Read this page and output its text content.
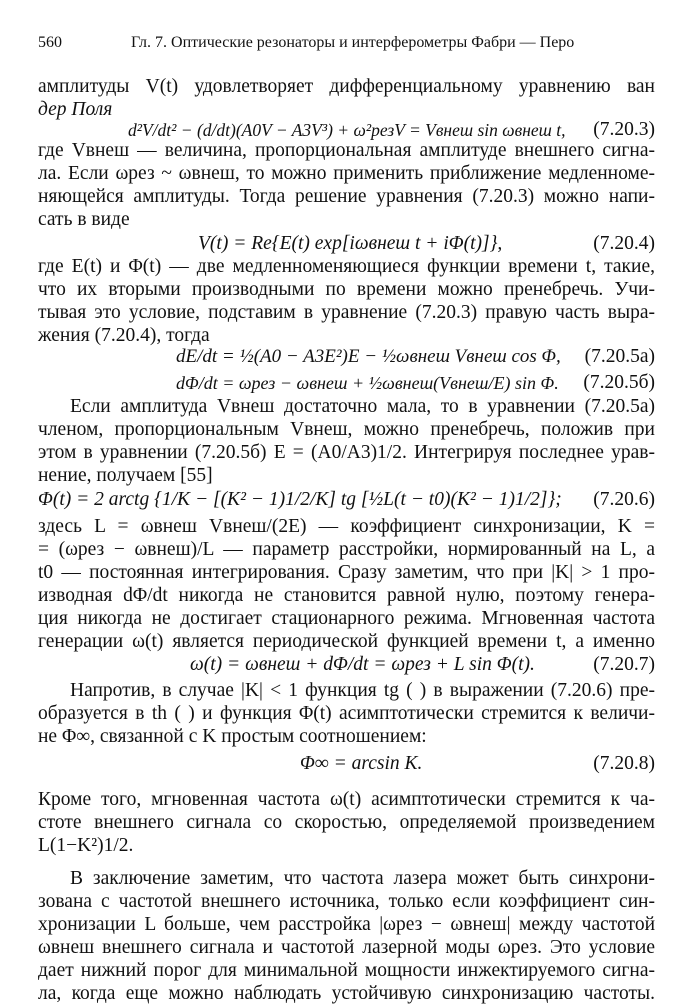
560	Гл. 7. Оптические резонаторы и интерферометры Фабри — Перо
амплитуды V(t) удовлетворяет дифференциальному уравнению ван
дер Поля
d²V/dt² − (d/dt)(A0V − A3V³) + ω²резV = Vвнеш sin ωвнеш t, (7.20.3)
где Vвнеш — величина, пропорциональная амплитуде внешнего сигна-
ла. Если ωрез ~ ωвнеш, то можно применить приближение медленноме-
няющейся амплитуды. Тогда решение уравнения (7.20.3) можно напи-
сать в виде
V(t) = Re{E(t) exp[iωвнеш t + iΦ(t)]},	(7.20.4)
где E(t) и Φ(t) — две медленноменяющиеся функции времени t, такие,
что их вторыми производными по времени можно пренебречь. Учи-
тывая это условие, подставим в уравнение (7.20.3) правую часть выра-
жения (7.20.4), тогда
dE/dt = ½(A0 − A3E²)E − ½ωвнеш Vвнеш cos Φ, (7.20.5а)
dΦ/dt = ωрез − ωвнеш + ½ωвнеш(Vвнеш/E) sin Φ. (7.20.5б)
Если амплитуда Vвнеш достаточно мала, то в уравнении (7.20.5а)
членом, пропорциональным Vвнеш, можно пренебречь, положив при
этом в уравнении (7.20.5б) E = (A0/A3)1/2. Интегрируя последнее урав-
нение, получаем [55]
Φ(t) = 2 arctg {1/K − [(K² − 1)1/2/K] tg [½L(t − t0)(K² − 1)1/2]}; (7.20.6)
здесь L = ωвнеш Vвнеш/(2E) — коэффициент синхронизации, K =
= (ωрез − ωвнеш)/L — параметр расстройки, нормированный на L, а
t0 — постоянная интегрирования. Сразу заметим, что при |K| > 1 про-
изводная dΦ/dt никогда не становится равной нулю, поэтому генера-
ция никогда не достигает стационарного режима. Мгновенная частота
генерации ω(t) является периодической функцией времени t, а именно
ω(t) = ωвнеш + dΦ/dt = ωрез + L sin Φ(t).	(7.20.7)
Напротив, в случае |K| < 1 функция tg ( ) в выражении (7.20.6) пре-
образуется в th ( ) и функция Φ(t) асимптотически стремится к величи-
не Φ∞, связанной с K простым соотношением:
Φ∞ = arcsin K.	(7.20.8)
Кроме того, мгновенная частота ω(t) асимптотически стремится к ча-
стоте внешнего сигнала со скоростью, определяемой произведением
L(1−K²)1/2.
В заключение заметим, что частота лазера может быть синхрони-
зована с частотой внешнего источника, только если коэффициент син-
хронизации L больше, чем расстройка |ωрез − ωвнеш| между частотой
ωвнеш внешнего сигнала и частотой лазерной моды ωрез. Это условие
дает нижний порог для минимальной мощности инжектируемого сигна-
ла, когда еще можно наблюдать устойчивую синхронизацию частоты.
